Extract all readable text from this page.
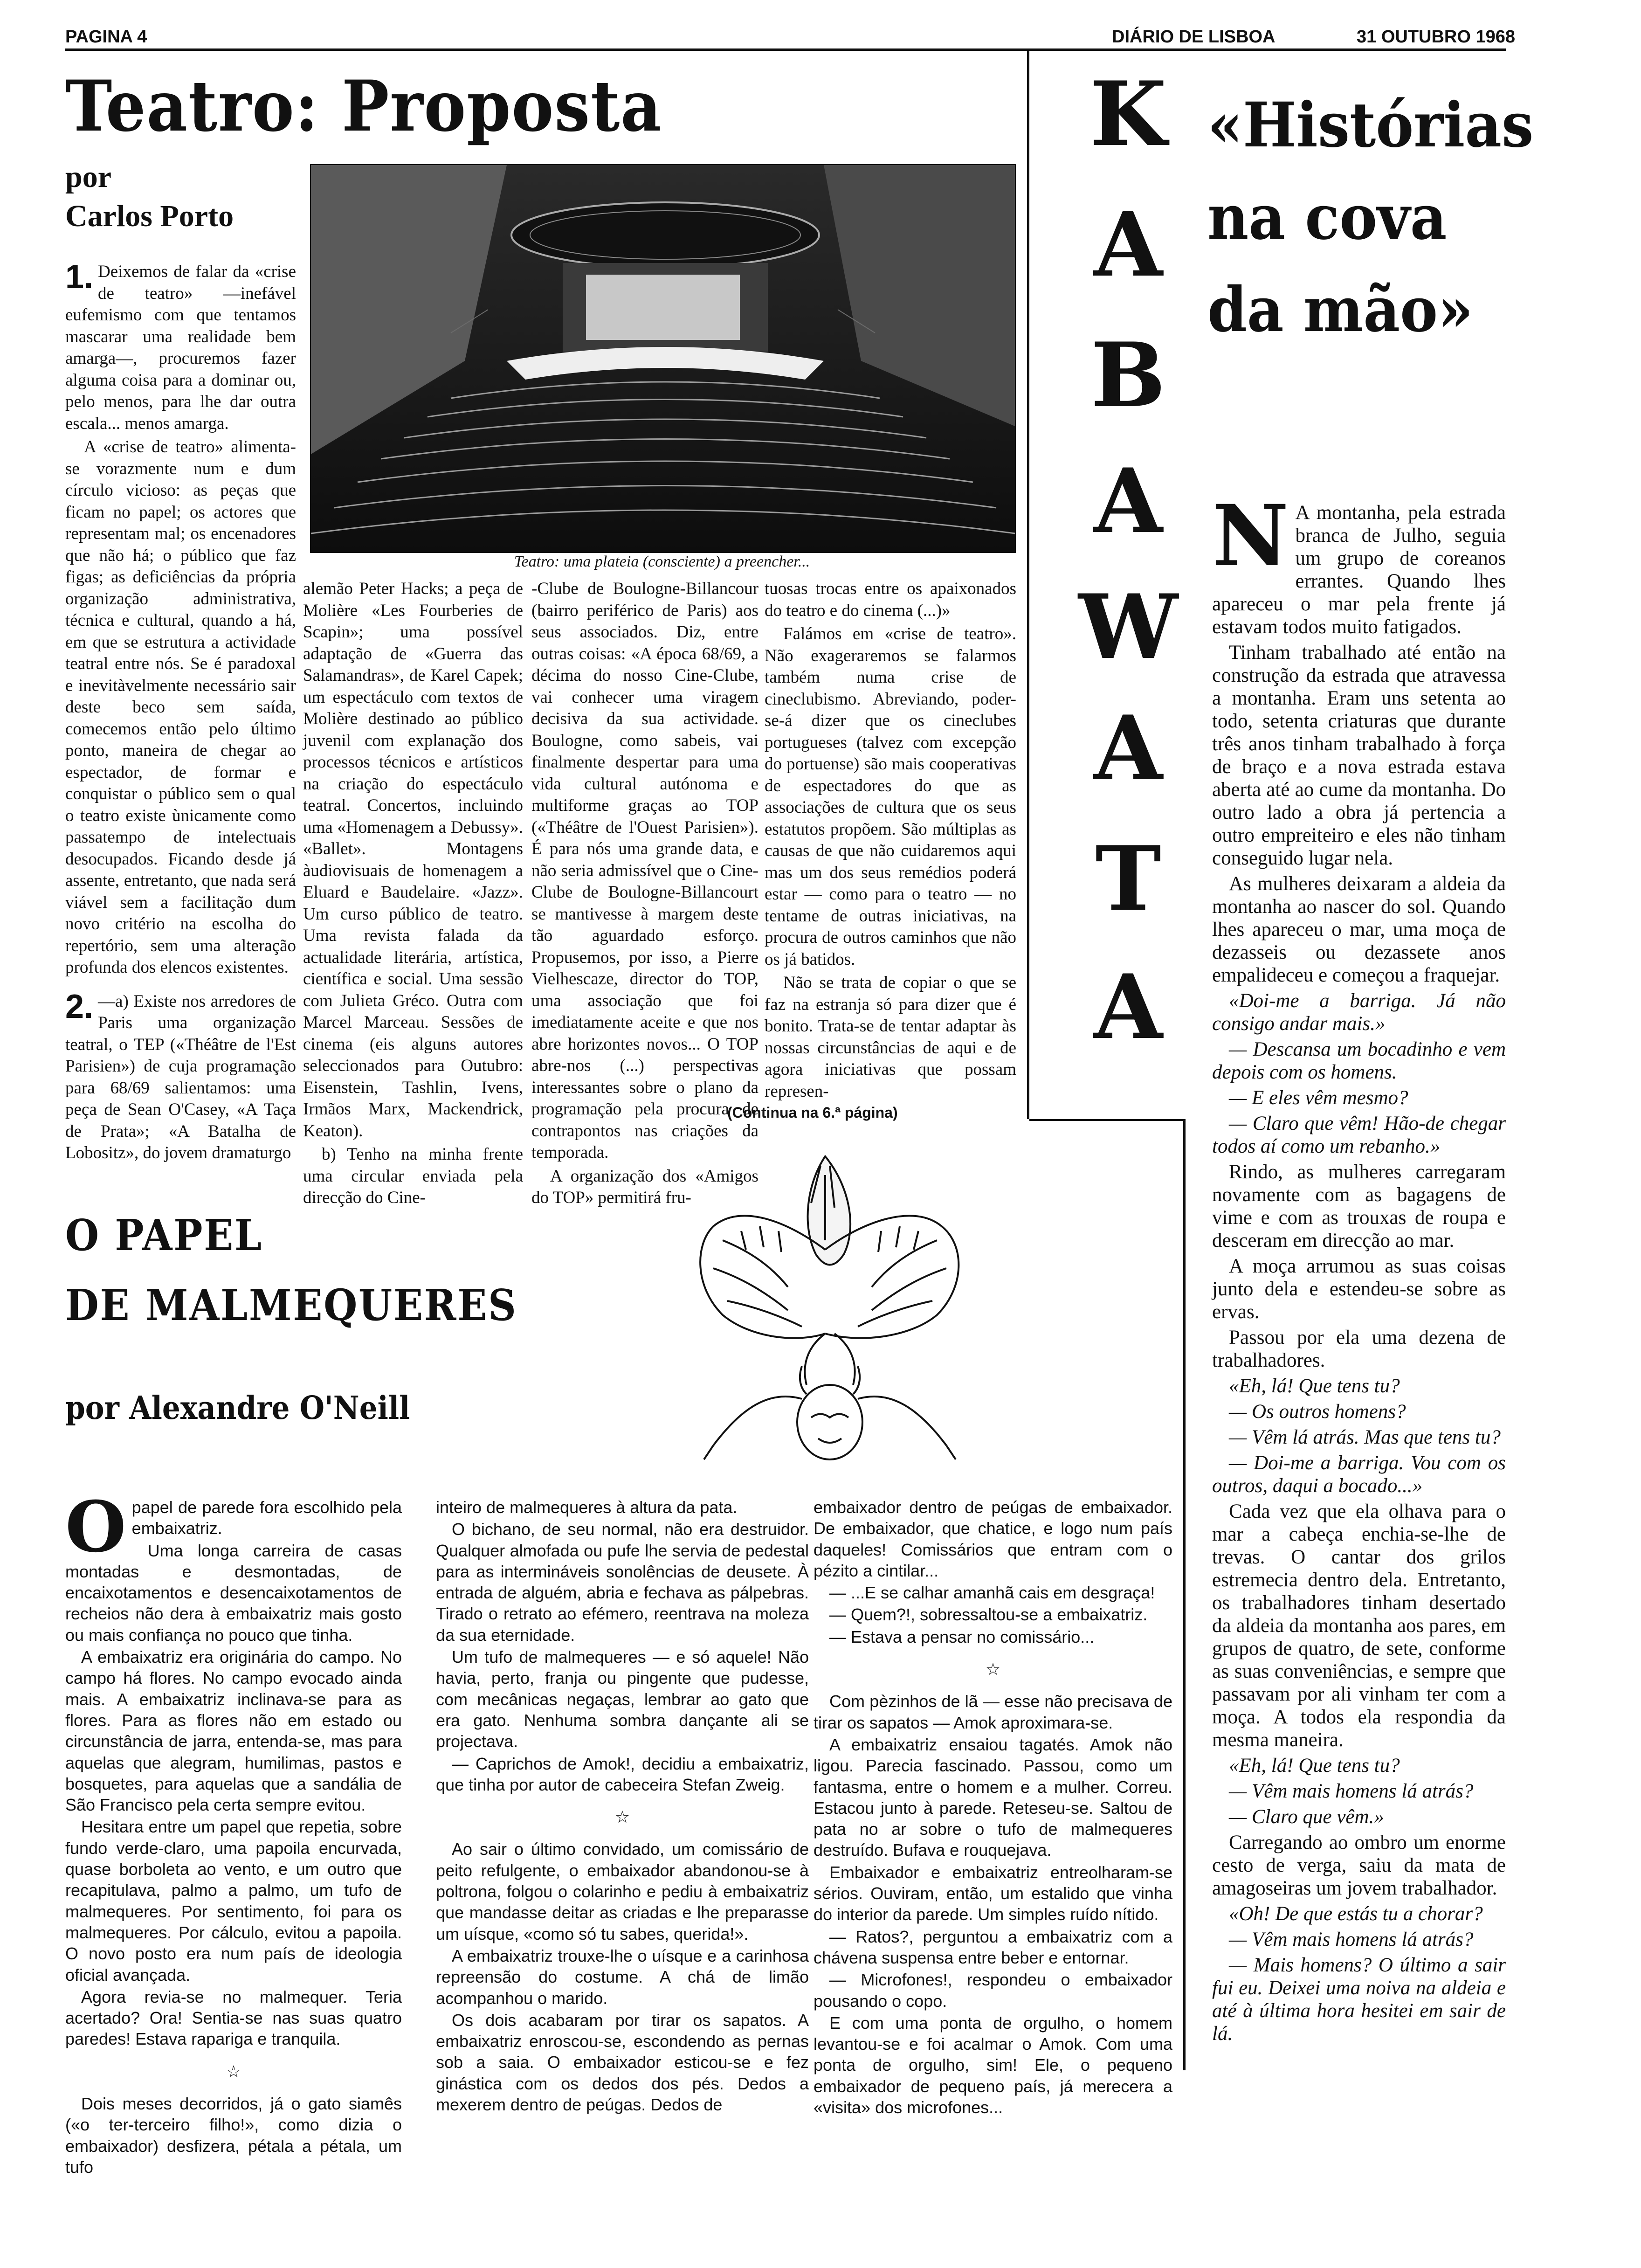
PAGINA 4	DIÁRIO DE LISBOA	31 OUTUBRO 1968
Teatro: Proposta
por
Carlos Porto
Teatro: uma plateia (consciente) a preencher...

1. Deixemos de falar da «crise de teatro» —inefável eufemismo com que tentamos mascarar uma realidade bem amarga—, procuremos fazer alguma coisa para a dominar ou, pelo menos, para lhe dar outra escala... menos amarga.

A «crise de teatro» alimenta-se vorazmente num e dum círculo vicioso: as peças que ficam no papel; os actores que representam mal; os encenadores que não há; o público que faz figas; as deficiências da própria organização administrativa, técnica e cultural, quando a há, em que se estrutura a actividade teatral entre nós. Se é paradoxal e inevitàvelmente necessário sair deste beco sem saída, comecemos então pelo último ponto, maneira de chegar ao espectador, de formar e conquistar o público sem o qual o teatro existe ùnicamente como passatempo de intelectuais desocupados. Ficando desde já assente, entretanto, que nada será viável sem a facilitação dum novo critério na escolha do repertório, sem uma alteração profunda dos elencos existentes.

2. —a) Existe nos arredores de Paris uma organização teatral, o TEP («Théâtre de l'Est Parisien») de cuja programação para 68/69 salientamos: uma peça de Sean O'Casey, «A Taça de Prata»; «A Batalha de Lobositz», do jovem dramaturgo

alemão Peter Hacks; a peça de Molière «Les Fourberies de Scapin»; uma possível adaptação de «Guerra das Salamandras», de Karel Capek; um espectáculo com textos de Molière destinado ao público juvenil com explanação dos processos técnicos e artísticos na criação do espectáculo teatral. Concertos, incluindo uma «Homenagem a Debussy». «Ballet». Montagens àudiovisuais de homenagem a Eluard e Baudelaire. «Jazz». Um curso público de teatro. Uma revista falada da actualidade literária, artística, científica e social. Uma sessão com Julieta Gréco. Outra com Marcel Marceau. Sessões de cinema (eis alguns autores seleccionados para Outubro: Eisenstein, Tashlin, Ivens, Irmãos Marx, Mackendrick, Keaton).

b) Tenho na minha frente uma circular enviada pela direcção do Cine-

-Clube de Boulogne-Billancour (bairro periférico de Paris) aos seus associados. Diz, entre outras coisas: «A época 68/69, a décima do nosso Cine-Clube, vai conhecer uma viragem decisiva da sua actividade. Boulogne, como sabeis, vai finalmente despertar para uma vida cultural autónoma e multiforme graças ao TOP («Théâtre de l'Ouest Parisien»). É para nós uma grande data, e não seria admissível que o Cine-Clube de Boulogne-Billancourt se mantivesse à margem deste tão aguardado esforço. Propusemos, por isso, a Pierre Vielhescaze, director do TOP, uma associação que foi imediatamente aceite e que nos abre horizontes novos... O TOP abre-nos (...) perspectivas interessantes sobre o plano da programação pela procura de contrapontos nas criações da temporada.

A organização dos «Amigos do TOP» permitirá fru-

tuosas trocas entre os apaixonados do teatro e do cinema (...)»

Falámos em «crise de teatro». Não exageraremos se falarmos também numa crise de cineclubismo. Abreviando, poder-se-á dizer que os cineclubes portugueses (talvez com excepção do portuense) são mais cooperativas de espectadores do que as associações de cultura que os seus estatutos propõem. São múltiplas as causas de que não cuidaremos aqui mas um dos seus remédios poderá estar — como para o teatro — no tentame de outras iniciativas, na procura de outros caminhos que não os já batidos.

Não se trata de copiar o que se faz na estranja só para dizer que é bonito. Trata-se de tentar adaptar às nossas circunstâncias de aqui e de agora iniciativas que possam represen-

(Continua na 6.ª página)
K
A
B
A
W
A
T
A
«Histórias
na cova
da mão»

N A montanha, pela estrada branca de Julho, seguia um grupo de coreanos errantes. Quando lhes apareceu o mar pela frente já estavam todos muito fatigados.

Tinham trabalhado até então na construção da estrada que atravessa a montanha. Eram uns setenta ao todo, setenta criaturas que durante três anos tinham trabalhado à força de braço e a nova estrada estava aberta até ao cume da montanha. Do outro lado a obra já pertencia a outro empreiteiro e eles não tinham conseguido lugar nela.

As mulheres deixaram a aldeia da montanha ao nascer do sol. Quando lhes apareceu o mar, uma moça de dezasseis ou dezassete anos empalideceu e começou a fraquejar.

«Doi-me a barriga. Já não consigo andar mais.»

— Descansa um bocadinho e vem depois com os homens.

— E eles vêm mesmo?

— Claro que vêm! Hão-de chegar todos aí como um rebanho.»

Rindo, as mulheres carregaram novamente com as bagagens de vime e com as trouxas de roupa e desceram em direcção ao mar.

A moça arrumou as suas coisas junto dela e estendeu-se sobre as ervas.

Passou por ela uma dezena de trabalhadores.

«Eh, lá! Que tens tu?

— Os outros homens?

— Vêm lá atrás. Mas que tens tu?

— Doi-me a barriga. Vou com os outros, daqui a bocado...»

Cada vez que ela olhava para o mar a cabeça enchia-se-lhe de trevas. O cantar dos grilos estremecia dentro dela. Entretanto, os trabalhadores tinham desertado da aldeia da montanha aos pares, em grupos de quatro, de sete, conforme as suas conveniências, e sempre que passavam por ali vinham ter com a moça. A todos ela respondia da mesma maneira.

«Eh, lá! Que tens tu?

— Vêm mais homens lá atrás?

— Claro que vêm.»

Carregando ao ombro um enorme cesto de verga, saiu da mata de amagoseiras um jovem trabalhador.

«Oh! De que estás tu a chorar?

— Vêm mais homens lá atrás?

— Mais homens? O último a sair fui eu. Deixei uma noiva na aldeia e até à última hora hesitei em sair de lá.

O PAPEL
DE MALMEQUERES
por Alexandre O'Neill

Opapel de parede fora escolhido pela embaixatriz.

Uma longa carreira de casas montadas e desmontadas, de encaixotamentos e desencaixotamentos de recheios não dera à embaixatriz mais gosto ou mais confiança no pouco que tinha.

A embaixatriz era originária do campo. No campo há flores. No campo evocado ainda mais. A embaixatriz inclinava-se para as flores. Para as flores não em estado ou circunstância de jarra, entenda-se, mas para aquelas que alegram, humilimas, pastos e bosquetes, para aquelas que a sandália de São Francisco pela certa sempre evitou.

Hesitara entre um papel que repetia, sobre fundo verde-claro, uma papoila encurvada, quase borboleta ao vento, e um outro que recapitulava, palmo a palmo, um tufo de malmequeres. Por sentimento, foi para os malmequeres. Por cálculo, evitou a papoila. O novo posto era num país de ideologia oficial avançada.

Agora revia-se no malmequer. Teria acertado? Ora! Sentia-se nas suas quatro paredes! Estava rapariga e tranquila.

☆

Dois meses decorridos, já o gato siamês («o ter-terceiro filho!», como dizia o embaixador) desfizera, pétala a pétala, um tufo

inteiro de malmequeres à altura da pata.

O bichano, de seu normal, não era destruidor. Qualquer almofada ou pufe lhe servia de pedestal para as intermináveis sonolências de deusete. À entrada de alguém, abria e fechava as pálpebras. Tirado o retrato ao efémero, reentrava na moleza da sua eternidade.

Um tufo de malmequeres — e só aquele! Não havia, perto, franja ou pingente que pudesse, com mecânicas negaças, lembrar ao gato que era gato. Nenhuma sombra dançante ali se projectava.

— Caprichos de Amok!, decidiu a embaixatriz, que tinha por autor de cabeceira Stefan Zweig.

☆

Ao sair o último convidado, um comissário de peito refulgente, o embaixador abandonou-se à poltrona, folgou o colarinho e pediu à embaixatriz que mandasse deitar as criadas e lhe preparasse um uísque, «como só tu sabes, querida!».

A embaixatriz trouxe-lhe o uísque e a carinhosa repreensão do costume. A chá de limão acompanhou o marido.

Os dois acabaram por tirar os sapatos. A embaixatriz enroscou-se, escondendo as pernas sob a saia. O embaixador esticou-se e fez ginástica com os dedos dos pés. Dedos a mexerem dentro de peúgas. Dedos de

embaixador dentro de peúgas de embaixador. De embaixador, que chatice, e logo num país daqueles! Comissários que entram com o pézito a cintilar...

— ...E se calhar amanhã cais em desgraça!

— Quem?!, sobressaltou-se a embaixatriz.

— Estava a pensar no comissário...

☆

Com pèzinhos de lã — esse não precisava de tirar os sapatos — Amok aproximara-se.

A embaixatriz ensaiou tagatés. Amok não ligou. Parecia fascinado. Passou, como um fantasma, entre o homem e a mulher. Correu. Estacou junto à parede. Reteseu-se. Saltou de pata no ar sobre o tufo de malmequeres destruído. Bufava e rouquejava.

Embaixador e embaixatriz entreolharam-se sérios. Ouviram, então, um estalido que vinha do interior da parede. Um simples ruído nítido.

— Ratos?, perguntou a embaixatriz com a chávena suspensa entre beber e entornar.

— Microfones!, respondeu o embaixador pousando o copo.

E com uma ponta de orgulho, o homem levantou-se e foi acalmar o Amok. Com uma ponta de orgulho, sim! Ele, o pequeno embaixador de pequeno país, já merecera a «visita» dos microfones...
